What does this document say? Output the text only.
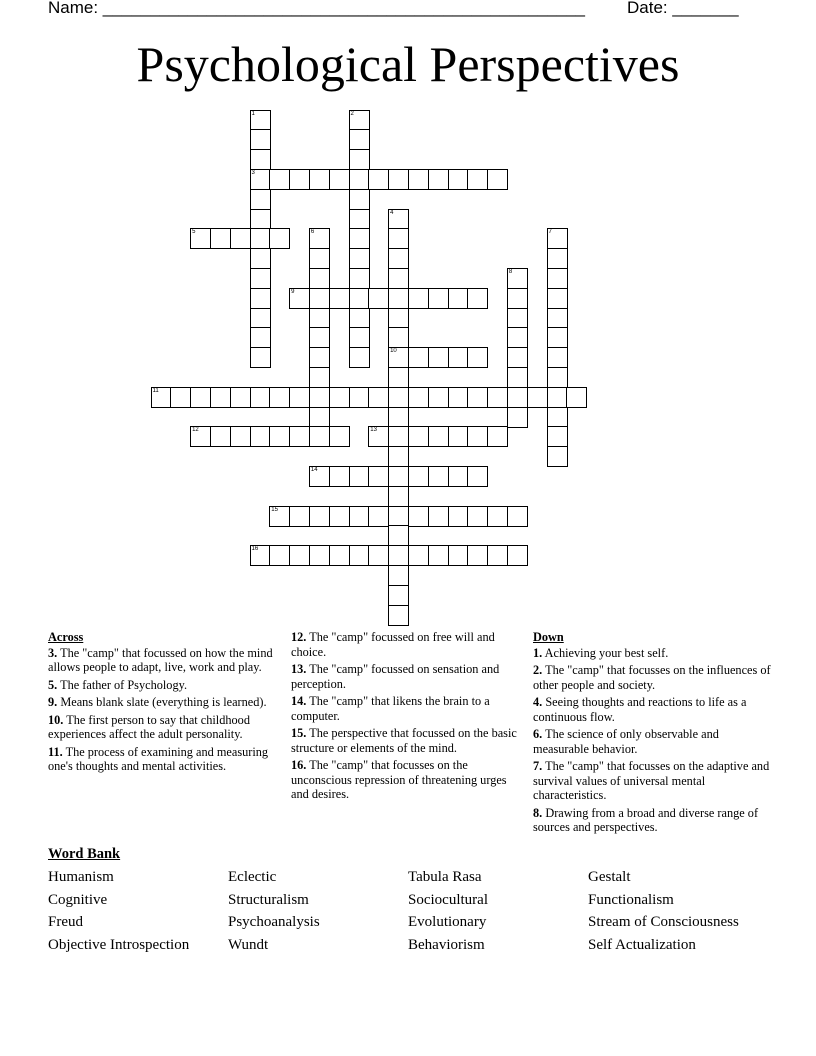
Name: ___________________________________________________ Date: _______
Psychological Perspectives
1
3
2
4
10
5	6	7
8
9
11
12	13
14
15
16
Across
3. The "camp" that focussed on how the mind allows people to adapt, live, work and play.
5. The father of Psychology.
9. Means blank slate (everything is learned).
10. The first person to say that childhood experiences affect the adult personality.
11. The process of examining and measuring one's thoughts and mental activities.
12. The "camp" focussed on free will and choice.
13. The "camp" focussed on sensation and perception.
14. The "camp" that likens the brain to a computer.
15. The perspective that focussed on the basic structure or elements of the mind.
16. The "camp" that focusses on the unconscious repression of threatening urges and desires.
Down
1. Achieving your best self.
2. The "camp" that focusses on the influences of other people and society.
4. Seeing thoughts and reactions to life as a continuous flow.
6. The science of only observable and measurable behavior.
7. The "camp" that focusses on the adaptive and survival values of universal mental characteristics.
8. Drawing from a broad and diverse range of sources and perspectives.
Word Bank
Humanism	Eclectic	Tabula Rasa	Gestalt
Cognitive	Structuralism	Sociocultural	Functionalism
Freud	Psychoanalysis	Evolutionary	Stream of Consciousness
Objective Introspection	Wundt	Behaviorism	Self Actualization
